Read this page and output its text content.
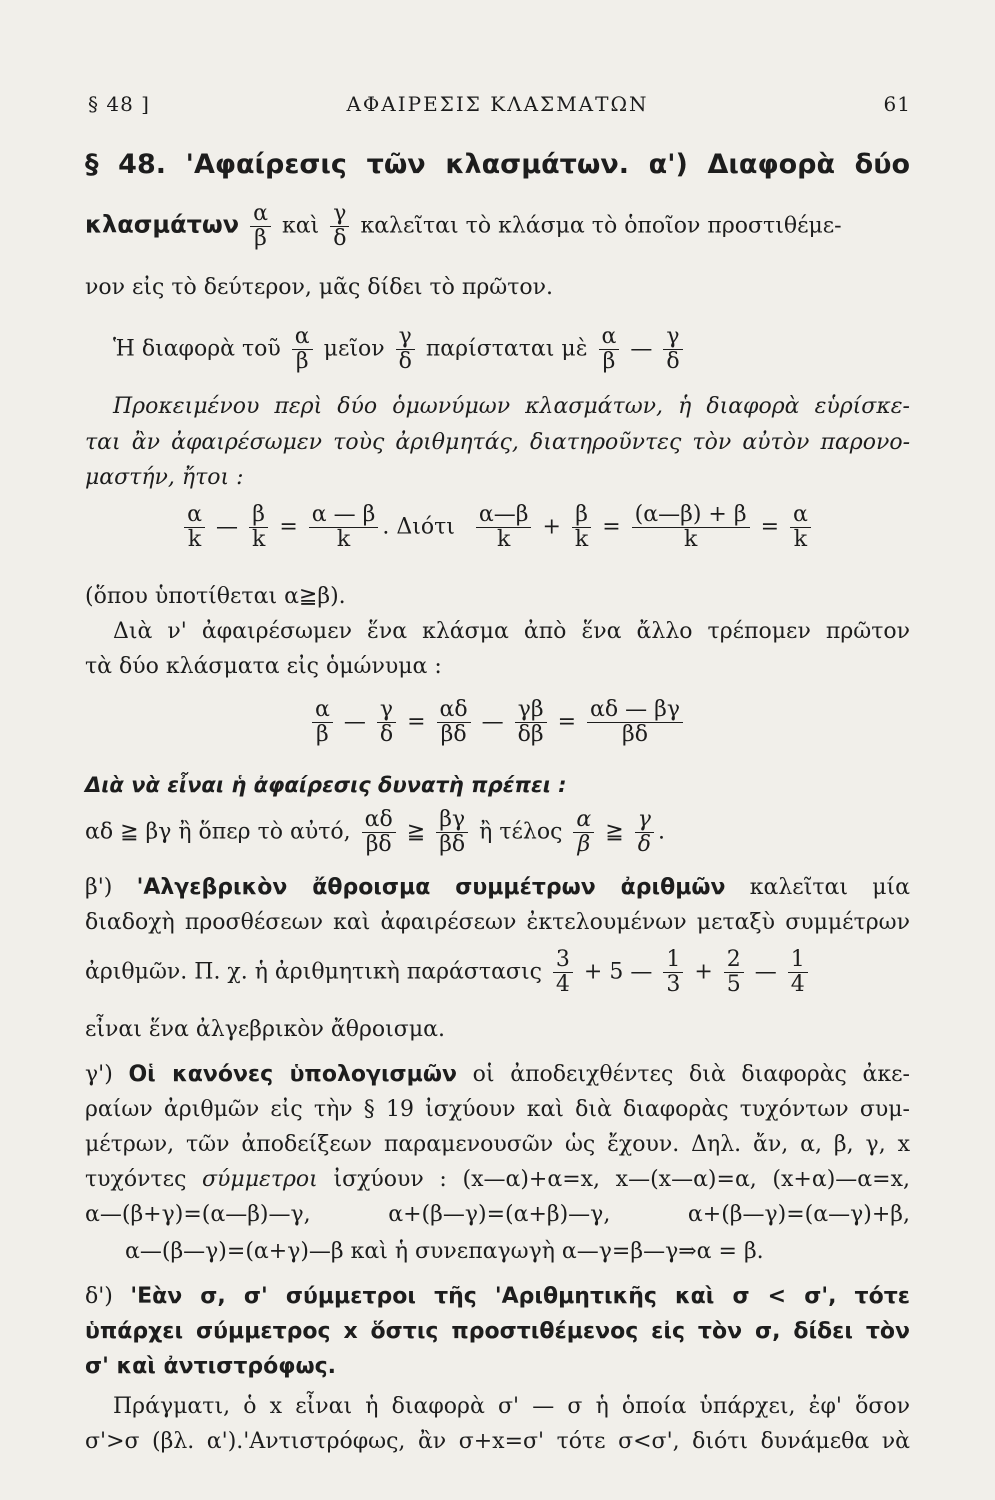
ΑΦΑΙΡΕΣΙΣ ΚΛΑΣΜΑΤΩΝ
§ 48 ]	61
§ 48. 'Αφαίρεσις τῶν κλασμάτων. α') Διαφορὰ δύο
κλασμάτων $\frac{\alpha}{\beta}$ καὶ $\frac{\gamma}{\delta}$ καλεῖται τὸ κλάσμα τὸ ὁποῖον προστιθέμε-
νον εἰς τὸ δεύτερον, μᾶς δίδει τὸ πρῶτον.
Ἡ διαφορὰ τοῦ $\frac{\alpha}{\beta}$ μεῖον $\frac{\gamma}{\delta}$ παρίσταται μὲ $\frac{\alpha}{\beta}$ — $\frac{\gamma}{\delta}$
Προκειμένου περὶ δύο ὁμωνύμων κλασμάτων, ἡ διαφορὰ εὑρίσκε-
ται ἂν ἀφαιρέσωμεν τοὺς ἀριθμητάς, διατηροῦντες τὸν αὐτὸν παρονο-
μαστήν, ἤτοι :
$\frac{\alpha}{k}$ — $\frac{\beta}{k} = \frac{\alpha — \beta}{k}$ . Διότι $\frac{\alpha—\beta}{k} + \frac{\beta}{k} = \frac{(\alpha—\beta) + \beta}{k} = \frac{\alpha}{k}$
(ὅπου ὑποτίθεται α≧β).
Διὰ ν' ἀφαιρέσωμεν ἕνα κλάσμα ἀπὸ ἕνα ἄλλο τρέπομεν πρῶτον
τὰ δύο κλάσματα εἰς ὁμώνυμα :
$\frac{\alpha}{\beta}$ — $\frac{\gamma}{\delta} = \frac{\alpha\delta}{\beta\delta}$ — $\frac{\gamma\beta}{\delta\beta} = \frac{\alpha\delta — \beta\gamma}{\beta\delta}$
Διὰ νὰ εἶναι ἡ ἀφαίρεσις δυνατὴ πρέπει :
αδ ≧ βγ ἢ ὅπερ τὸ αὐτό, $\frac{\alpha\delta}{\beta\delta}$ ≧ $\frac{\beta\gamma}{\beta\delta}$ ἢ τέλος $\frac{\alpha}{\beta}$ ≧ $\frac{\gamma}{\delta}$ .
β') 'Αλγεβρικὸν ἄθροισμα συμμέτρων ἀριθμῶν καλεῖται μία
διαδοχὴ προσθέσεων καὶ ἀφαιρέσεων ἐκτελουμένων μεταξὺ συμμέτρων
ἀριθμῶν. Π. χ. ἡ ἀριθμητικὴ παράστασις $\frac{3}{4} + 5$ — $\frac{1}{3} + \frac{2}{5}$ — $\frac{1}{4}$
εἶναι ἕνα ἀλγεβρικὸν ἄθροισμα.
γ') Οἱ κανόνες ὑπολογισμῶν οἱ ἀποδειχθέντες διὰ διαφορὰς ἀκε-
ραίων ἀριθμῶν εἰς τὴν § 19 ἰσχύουν καὶ διὰ διαφορὰς τυχόντων συμ-
μέτρων, τῶν ἀποδείξεων παραμενουσῶν ὡς ἔχουν. Δηλ. ἄν, α, β, γ, x
τυχόντες σύμμετροι ἰσχύουν : (x—α)+α=x, x—(x—α)=α, (x+α)—α=x,
α—(β+γ)=(α—β)—γ, α+(β—γ)=(α+β)—γ, α+(β—γ)=(α—γ)+β,
α—(β—γ)=(α+γ)—β καὶ ἡ συνεπαγωγὴ α—γ=β—γ⇒α = β.
δ') 'Εὰν σ, σ' σύμμετροι τῆς 'Αριθμητικῆς καὶ σ < σ', τότε
ὑπάρχει σύμμετρος x ὅστις προστιθέμενος εἰς τὸν σ, δίδει τὸν
σ' καὶ ἀντιστρόφως.
Πράγματι, ὁ x εἶναι ἡ διαφορὰ σ' — σ ἡ ὁποία ὑπάρχει, ἐφ' ὅσον
σ'>σ (βλ. α').'Αντιστρόφως, ἂν σ+x=σ' τότε σ<σ', διότι δυνάμεθα νὰ
